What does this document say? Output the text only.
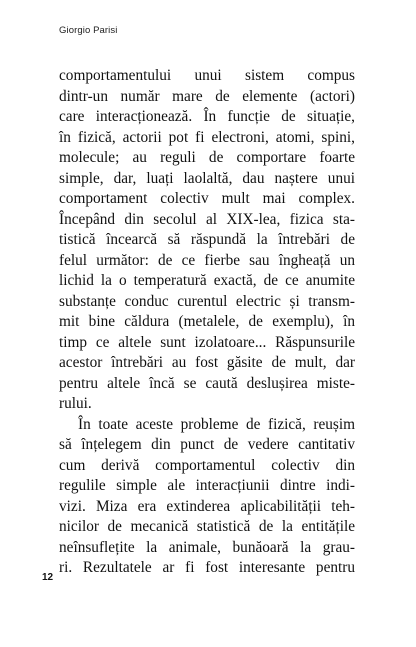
Giorgio Parisi
comportamentului unui sistem compus
dintr-un număr mare de elemente (actori)
care interacționează. În funcție de situație,
în fizică, actorii pot fi electroni, atomi, spini,
molecule; au reguli de comportare foarte
simple, dar, luați laolaltă, dau naștere unui
comportament colectiv mult mai complex.
Începând din secolul al XIX-lea, fizica sta-
tistică încearcă să răspundă la întrebări de
felul următor: de ce fierbe sau îngheață un
lichid la o temperatură exactă, de ce anumite
substanțe conduc curentul electric și transm-
mit bine căldura (metalele, de exemplu), în
timp ce altele sunt izolatoare... Răspunsurile
acestor întrebări au fost găsite de mult, dar
pentru altele încă se caută deslușirea miste-
rului.
În toate aceste probleme de fizică, reușim
să înțelegem din punct de vedere cantitativ
cum derivă comportamentul colectiv din
regulile simple ale interacțiunii dintre indi-
vizi. Miza era extinderea aplicabilității teh-
nicilor de mecanică statistică de la entitățile
neînsuflețite la animale, bunăoară la grau-
ri. Rezultatele ar fi fost interesante pentru
12
